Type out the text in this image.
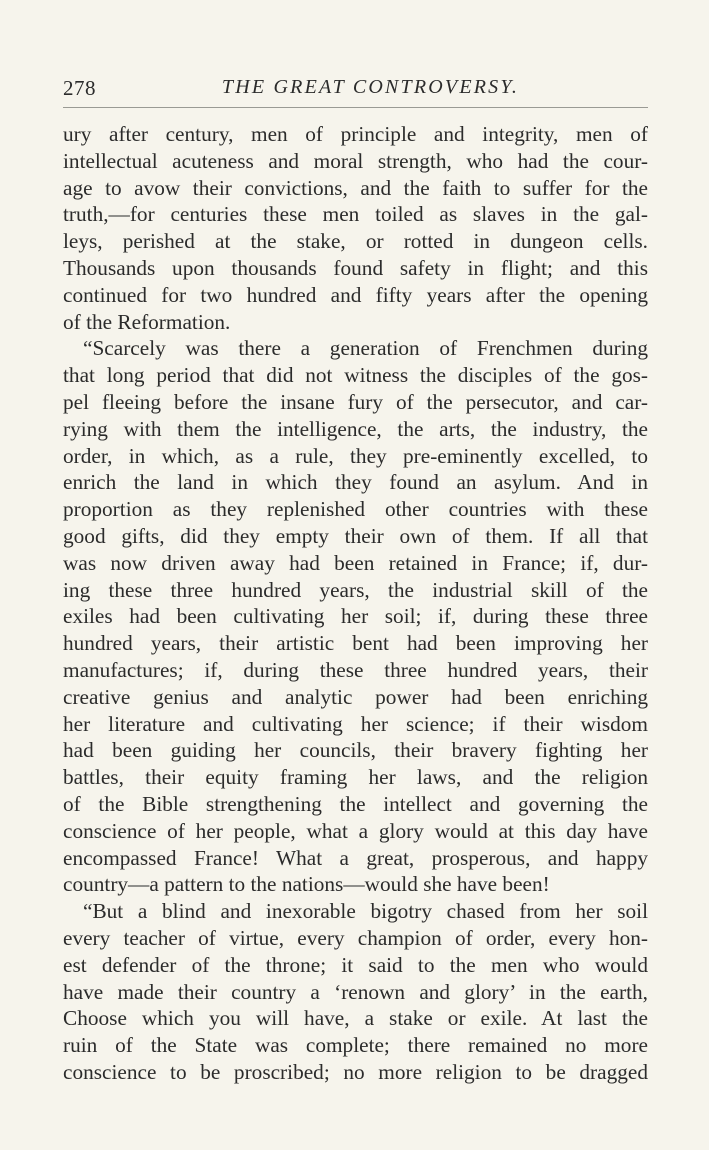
278	THE GREAT CONTROVERSY.
ury after century, men of principle and integrity, men of
intellectual acuteness and moral strength, who had the cour-
age to avow their convictions, and the faith to suffer for the
truth,—for centuries these men toiled as slaves in the gal-
leys, perished at the stake, or rotted in dungeon cells.
Thousands upon thousands found safety in flight; and this
continued for two hundred and fifty years after the opening
of the Reformation.
“Scarcely was there a generation of Frenchmen during
that long period that did not witness the disciples of the gos-
pel fleeing before the insane fury of the persecutor, and car-
rying with them the intelligence, the arts, the industry, the
order, in which, as a rule, they pre-eminently excelled, to
enrich the land in which they found an asylum. And in
proportion as they replenished other countries with these
good gifts, did they empty their own of them. If all that
was now driven away had been retained in France; if, dur-
ing these three hundred years, the industrial skill of the
exiles had been cultivating her soil; if, during these three
hundred years, their artistic bent had been improving her
manufactures; if, during these three hundred years, their
creative genius and analytic power had been enriching
her literature and cultivating her science; if their wisdom
had been guiding her councils, their bravery fighting her
battles, their equity framing her laws, and the religion
of the Bible strengthening the intellect and governing the
conscience of her people, what a glory would at this day have
encompassed France! What a great, prosperous, and happy
country—a pattern to the nations—would she have been!
“But a blind and inexorable bigotry chased from her soil
every teacher of virtue, every champion of order, every hon-
est defender of the throne; it said to the men who would
have made their country a ‘renown and glory’ in the earth,
Choose which you will have, a stake or exile. At last the
ruin of the State was complete; there remained no more
conscience to be proscribed; no more religion to be dragged
